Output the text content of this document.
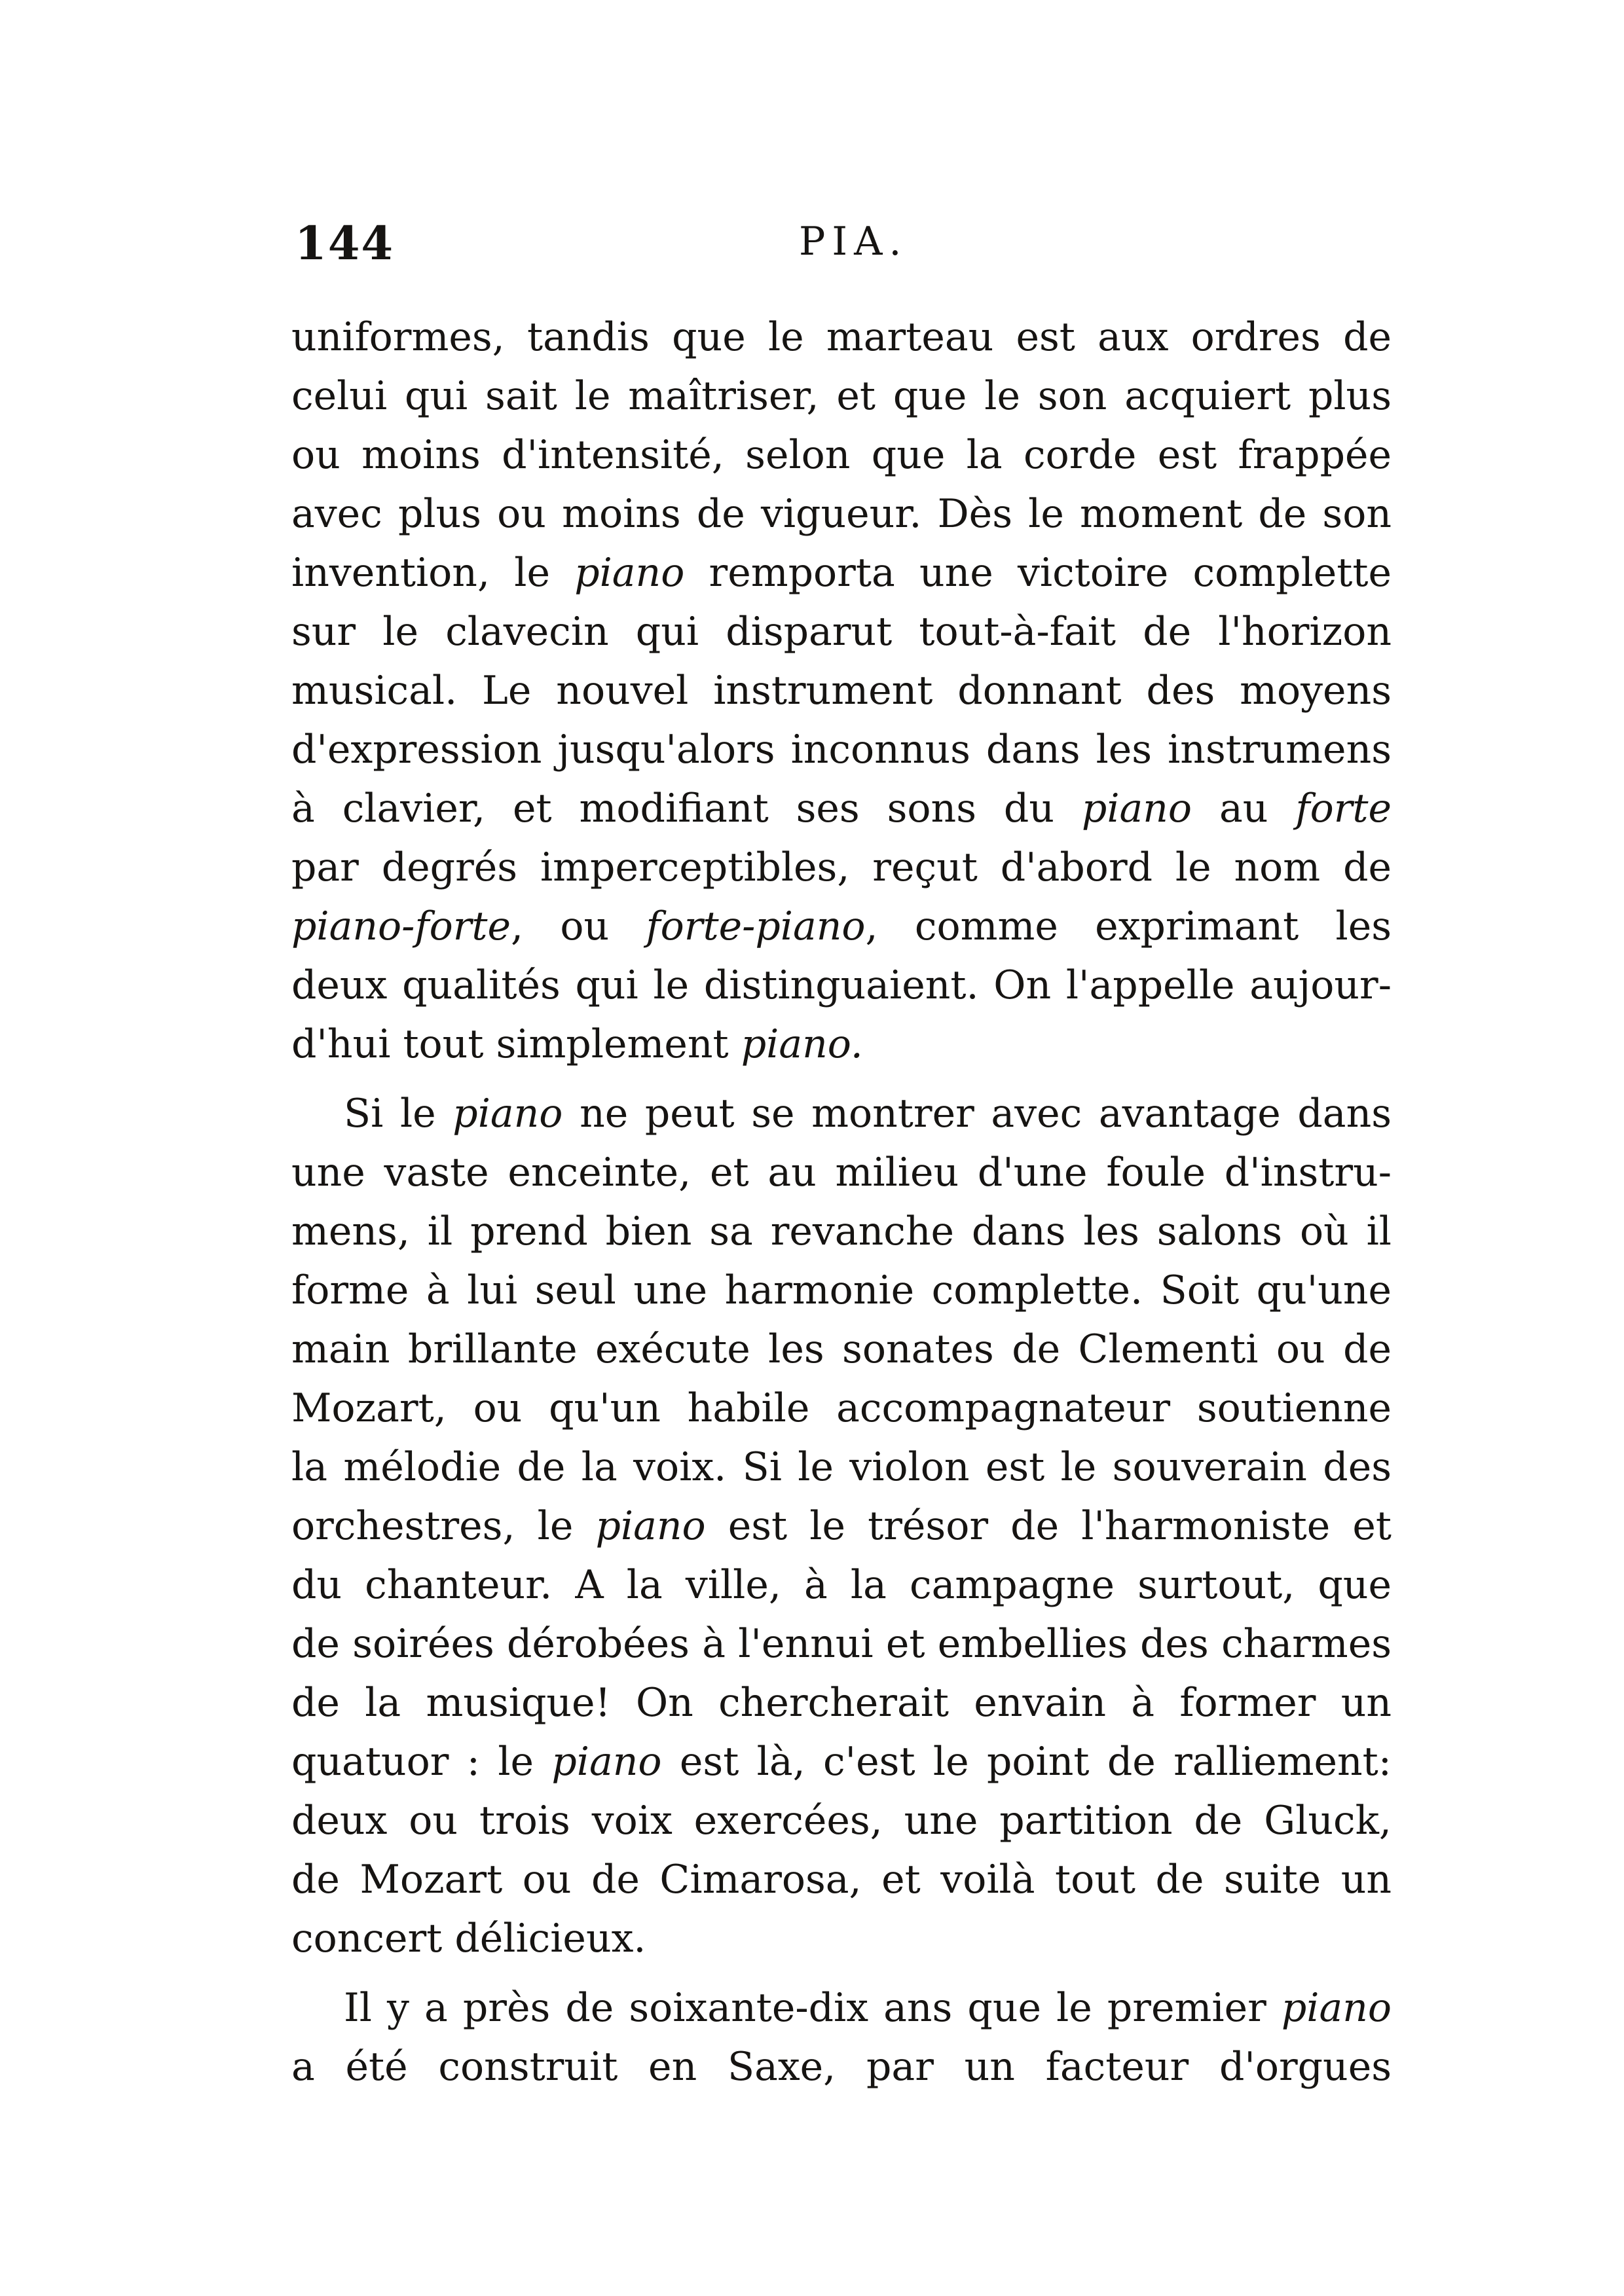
144	PIA.
uniformes, tandis que le marteau est aux ordres de
celui qui sait le maîtriser, et que le son acquiert plus
ou moins d'intensité, selon que la corde est frappée
avec plus ou moins de vigueur. Dès le moment de son
invention, le piano remporta une victoire complette
sur le clavecin qui disparut tout-à-fait de l'horizon
musical. Le nouvel instrument donnant des moyens
d'expression jusqu'alors inconnus dans les instrumens
à clavier, et modifiant ses sons du piano au forte
par degrés imperceptibles, reçut d'abord le nom de
piano-forte, ou forte-piano, comme exprimant les
deux qualités qui le distinguaient. On l'appelle aujour-
d'hui tout simplement piano.
Si le piano ne peut se montrer avec avantage dans
une vaste enceinte, et au milieu d'une foule d'instru-
mens, il prend bien sa revanche dans les salons où il
forme à lui seul une harmonie complette. Soit qu'une
main brillante exécute les sonates de Clementi ou de
Mozart, ou qu'un habile accompagnateur soutienne
la mélodie de la voix. Si le violon est le souverain des
orchestres, le piano est le trésor de l'harmoniste et
du chanteur. A la ville, à la campagne surtout, que
de soirées dérobées à l'ennui et embellies des charmes
de la musique! On chercherait envain à former un
quatuor : le piano est là, c'est le point de ralliement:
deux ou trois voix exercées, une partition de Gluck,
de Mozart ou de Cimarosa, et voilà tout de suite un
concert délicieux.
Il y a près de soixante-dix ans que le premier piano
a été construit en Saxe, par un facteur d'orgues
